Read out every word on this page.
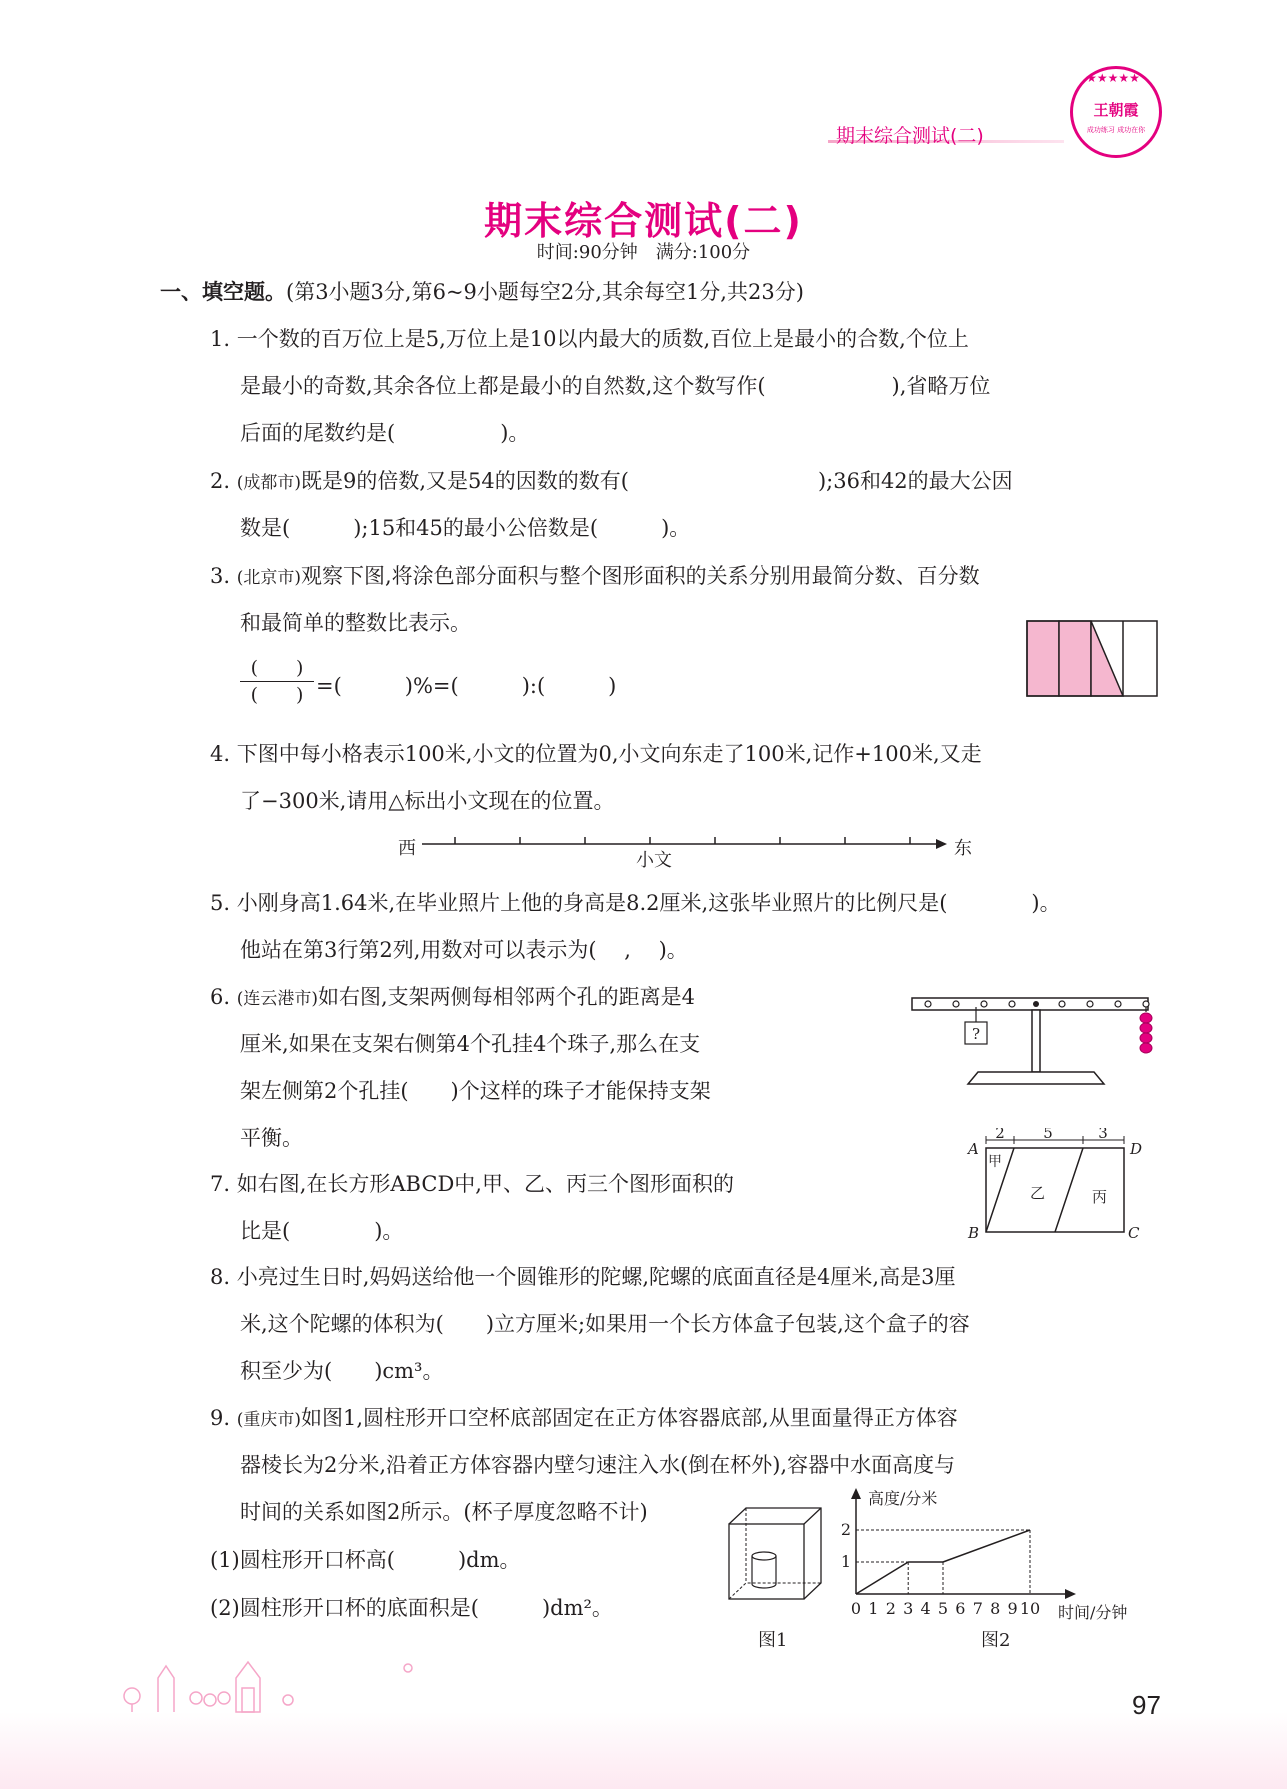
期末综合测试(二)
★★★★★
王朝霞
成功练习 成功在你
期末综合测试(二)
时间:90分钟　满分:100分
一、填空题。(第3小题3分,第6~9小题每空2分,其余每空1分,共23分)
1. 一个数的百万位上是5,万位上是10以内最大的质数,百位上是最小的合数,个位上
是最小的奇数,其余各位上都是最小的自然数,这个数写作(　　　　　　),省略万位
后面的尾数约是(　　　　　)。
2. (成都市)既是9的倍数,又是54的因数的数有(　　　　　　　　　);36和42的最大公因
数是(　　　);15和45的最小公倍数是(　　　)。
3. (北京市)观察下图,将涂色部分面积与整个图形面积的关系分别用最简分数、百分数
和最简单的整数比表示。
(　　)
(　　) =(　　　)%=(　　　):(　　　)
4. 下图中每小格表示100米,小文的位置为0,小文向东走了100米,记作+100米,又走
了−300米,请用△标出小文现在的位置。
西	东
小文
5. 小刚身高1.64米,在毕业照片上他的身高是8.2厘米,这张毕业照片的比例尺是(　　　　)。
他站在第3行第2列,用数对可以表示为(　 ,　 )。
6. (连云港市)如右图,支架两侧每相邻两个孔的距离是4
厘米,如果在支架右侧第4个孔挂4个珠子,那么在支
架左侧第2个孔挂(　　)个这样的珠子才能保持支架
平衡。
?
7. 如右图,在长方形ABCD中,甲、乙、丙三个图形面积的
比是(　　　　)。
2	5	3
A	D
B	C
甲
乙	丙
8. 小亮过生日时,妈妈送给他一个圆锥形的陀螺,陀螺的底面直径是4厘米,高是3厘
米,这个陀螺的体积为(　　)立方厘米;如果用一个长方体盒子包装,这个盒子的容
积至少为(　　)cm³。
9. (重庆市)如图1,圆柱形开口空杯底部固定在正方体容器底部,从里面量得正方体容
器棱长为2分米,沿着正方体容器内壁匀速注入水(倒在杯外),容器中水面高度与
时间的关系如图2所示。(杯子厚度忽略不计)
(1)圆柱形开口杯高(　　　)dm。
(2)圆柱形开口杯的底面积是(　　　)dm²。
图1
高度/分米
时间/分钟
0 1 2 3 4 5 6 7 8 9 10
1
2
图2
97
